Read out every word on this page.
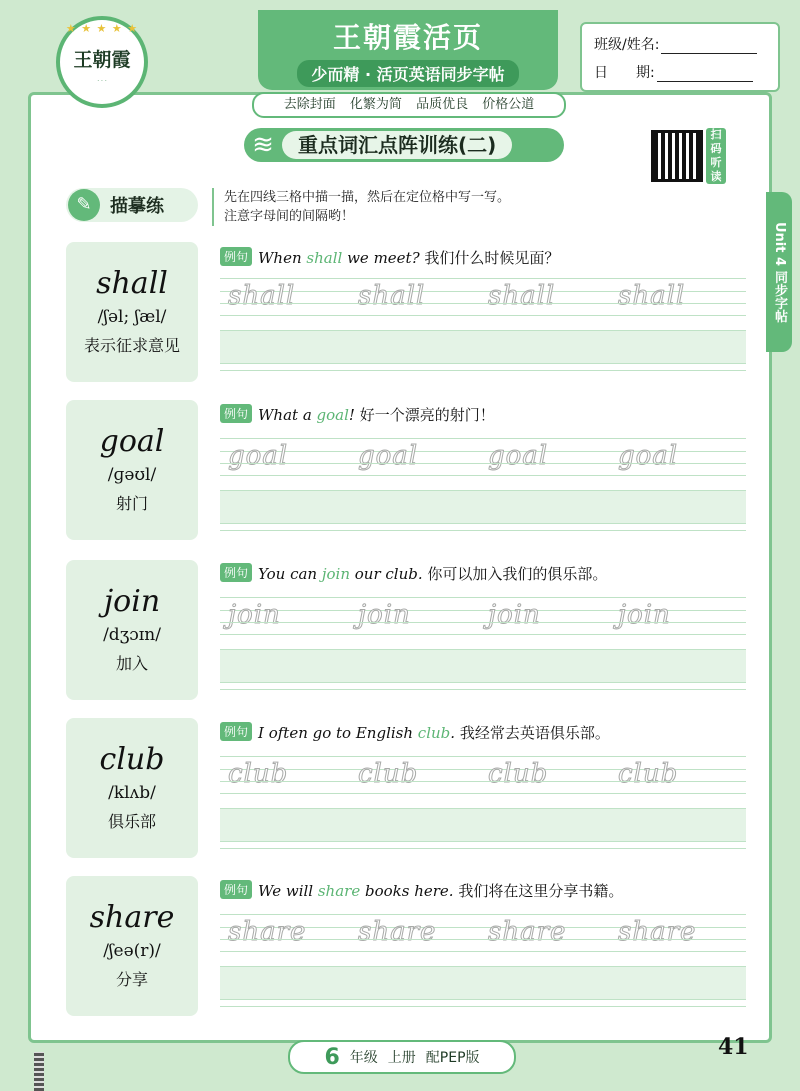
★ ★ ★ ★ ★
王朝霞
· · ·
王朝霞活页
少而精 · 活页英语同步字帖
去除封面 化繁为简 品质优良 价格公道
班级/姓名:
日　　期:
≋	重点词汇点阵训练(二)	扫码听读
Unit 4 同步字帖
✎	描摹练	先在四线三格中描一描，然后在定位格中写一写。
注意字母间的间隔哟！
shall
/ʃəl; ʃæl/
表示征求意见
例句 When shall we meet? 我们什么时候见面？
shall	shall	shall	shall
goal
/ɡəʊl/
射门
例句 What a goal! 好一个漂亮的射门！
goal	goal	goal	goal
join
/dʒɔɪn/
加入
例句 You can join our club. 你可以加入我们的俱乐部。
join	join	join	join
club
/klʌb/
俱乐部
例句 I often go to English club. 我经常去英语俱乐部。
club	club	club	club
share
/ʃeə(r)/
分享
例句 We will share books here. 我们将在这里分享书籍。
share	share	share	share
6 年级 上册 配PEP版	41
